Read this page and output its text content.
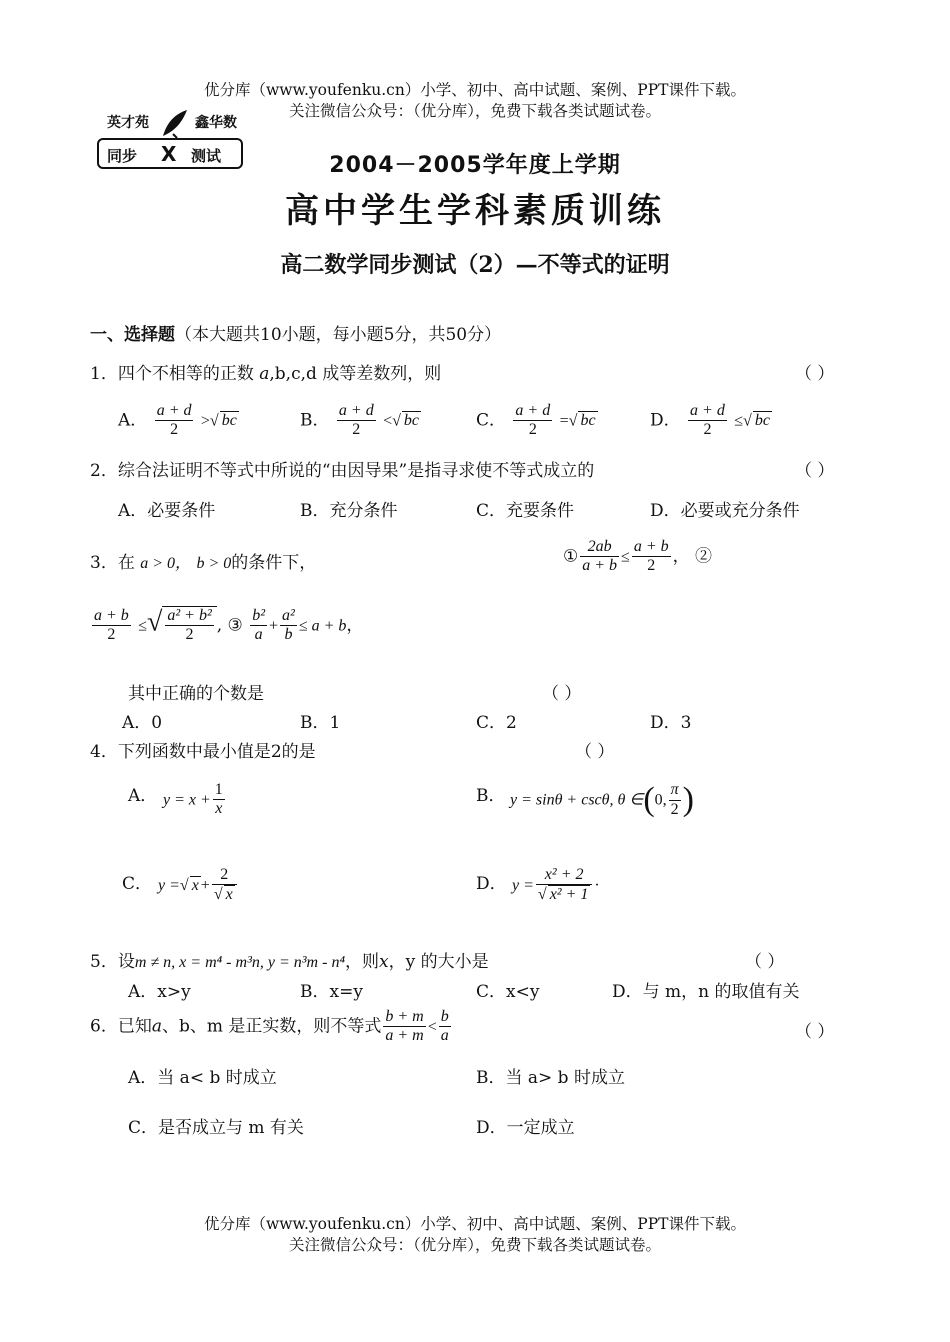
优分库（www.youfenku.cn）小学、初中、高中试题、案例、PPT课件下载。
关注微信公众号：（优分库），免费下载各类试题试卷。
英才苑	鑫华数
同步 X 测试	2004－2005学年度上学期
高中学生学科素质训练
高二数学同步测试（2）—不等式的证明
一、选择题（本大题共10小题，每小题5分，共50分）
1．四个不相等的正数 a,b,c,d 成等差数列，则	（ ）
A． $\frac{a + d}{2}$ >√ bc	B． $\frac{a + d}{2}$ <√ bc	C． $\frac{a + d}{2}$ =√ bc	D． $\frac{a + d}{2}$ ≤√ bc
2．综合法证明不等式中所说的“由因导果”是指寻求使不等式成立的	（ ）
A．必要条件	B．充分条件	C．充要条件	D．必要或充分条件
3．在 a > 0， b > 0的条件下，	① $\frac{2ab}{a + b} \le \frac{a + b}{2}$ ， ②
$\frac{a + b}{2}$ ≤√ $\frac{\text{a² + b²}}{2}$ , ③ $\frac{\text{b²}}{a} + \frac{\text{a²}}{b} \le a + b$，
其中正确的个数是	（ ）
A．0	B．1	C．2	D．3
4．下列函数中最小值是2的是	（ ）
A． $y = x + \frac{1}{x}$	B． y = sinθ + cscθ, θ ∈(0, $\frac{\pi}{2}$ )
C． y =√ $x + \frac{2}{√ x}$	D． $y = \frac{\text{x² + 2}}{\text{√ x² + 1}}$ ·
5．设m ≠ n, x = m⁴ - m³n, y = n³m - n⁴，则x，y 的大小是	（ ）
A．x>y	B．x=y	C．x<y	D．与 m，n 的取值有关
6．已知a、b、m 是正实数，则不等式 $\frac{b + m}{a + m} < \frac{b}{a}$	（ ）
A．当 a< b 时成立	B．当 a> b 时成立
C．是否成立与 m 有关	D．一定成立
优分库（www.youfenku.cn）小学、初中、高中试题、案例、PPT课件下载。
关注微信公众号：（优分库），免费下载各类试题试卷。
